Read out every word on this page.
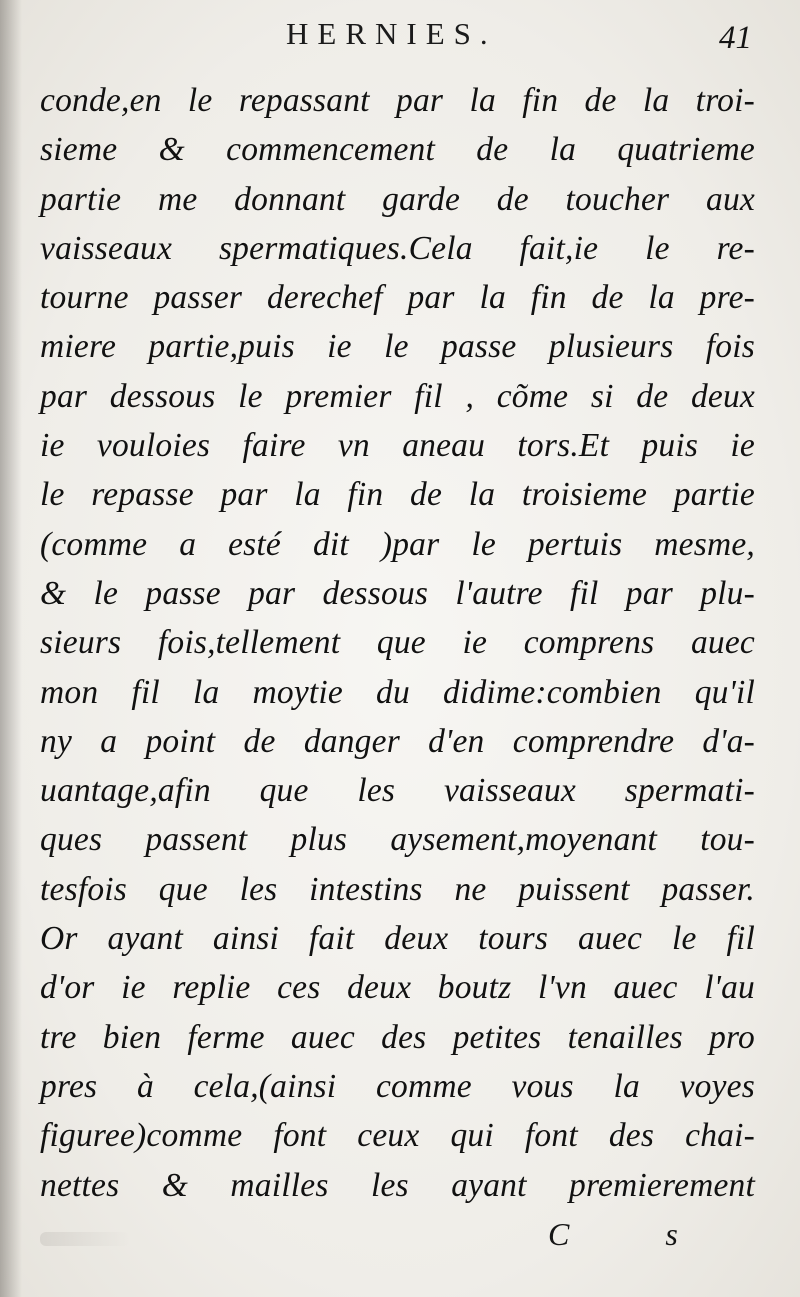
HERNIES.	41
conde,en le repassant par la fin de la troi-
sieme & commencement de la quatrieme
partie me donnant garde de toucher aux
vaisseaux spermatiques.Cela fait,ie le re-
tourne passer derechef par la fin de la pre-
miere partie,puis ie le passe plusieurs fois
par dessous le premier fil , cõme si de deux
ie vouloies faire vn aneau tors.Et puis ie
le repasse par la fin de la troisieme partie
(comme a esté dit )par le pertuis mesme,
& le passe par dessous l'autre fil par plu-
sieurs fois,tellement que ie comprens auec
mon fil la moytie du didime:combien qu'il
ny a point de danger d'en comprendre d'a-
uantage,afin que les vaisseaux spermati-
ques passent plus aysement,moyenant tou-
tesfois que les intestins ne puissent passer.
Or ayant ainsi fait deux tours auec le fil
d'or ie replie ces deux boutz l'vn auec l'au
tre bien ferme auec des petites tenailles pro
pres à cela,(ainsi comme vous la voyes
figuree)comme font ceux qui font des chai-
nettes & mailles les ayant premierement
C s
